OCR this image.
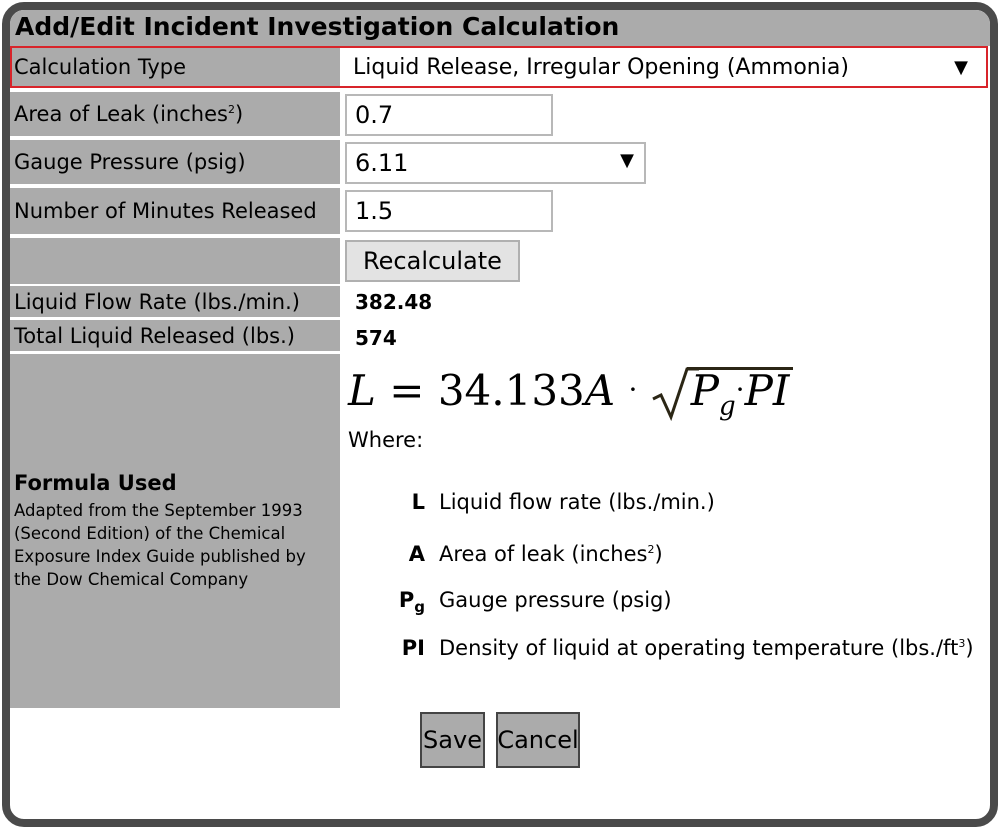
Add/Edit Incident Investigation Calculation
Calculation Type	Liquid Release, Irregular Opening (Ammonia)	▼
Area of Leak (inches$^2$)	0.7
Gauge Pressure (psig)	6.11	▼
Number of Minutes Released 1.5
Recalculate
Liquid Flow Rate (lbs./min.)	382.48
Total Liquid Released (lbs.)	574
Formula Used
Adapted from the September 1993 (Second Edition) of the Chemical Exposure Index Guide published by the Dow Chemical Company
$L = 34.133A \cdot P_g\cdot PI$
Where:
L Liquid flow rate (lbs./min.)
A Area of leak (inches$^2$)
$P_g$ Gauge pressure (psig)
PI Density of liquid at operating temperature $(lbs./ft^3)$
Save Cancel
